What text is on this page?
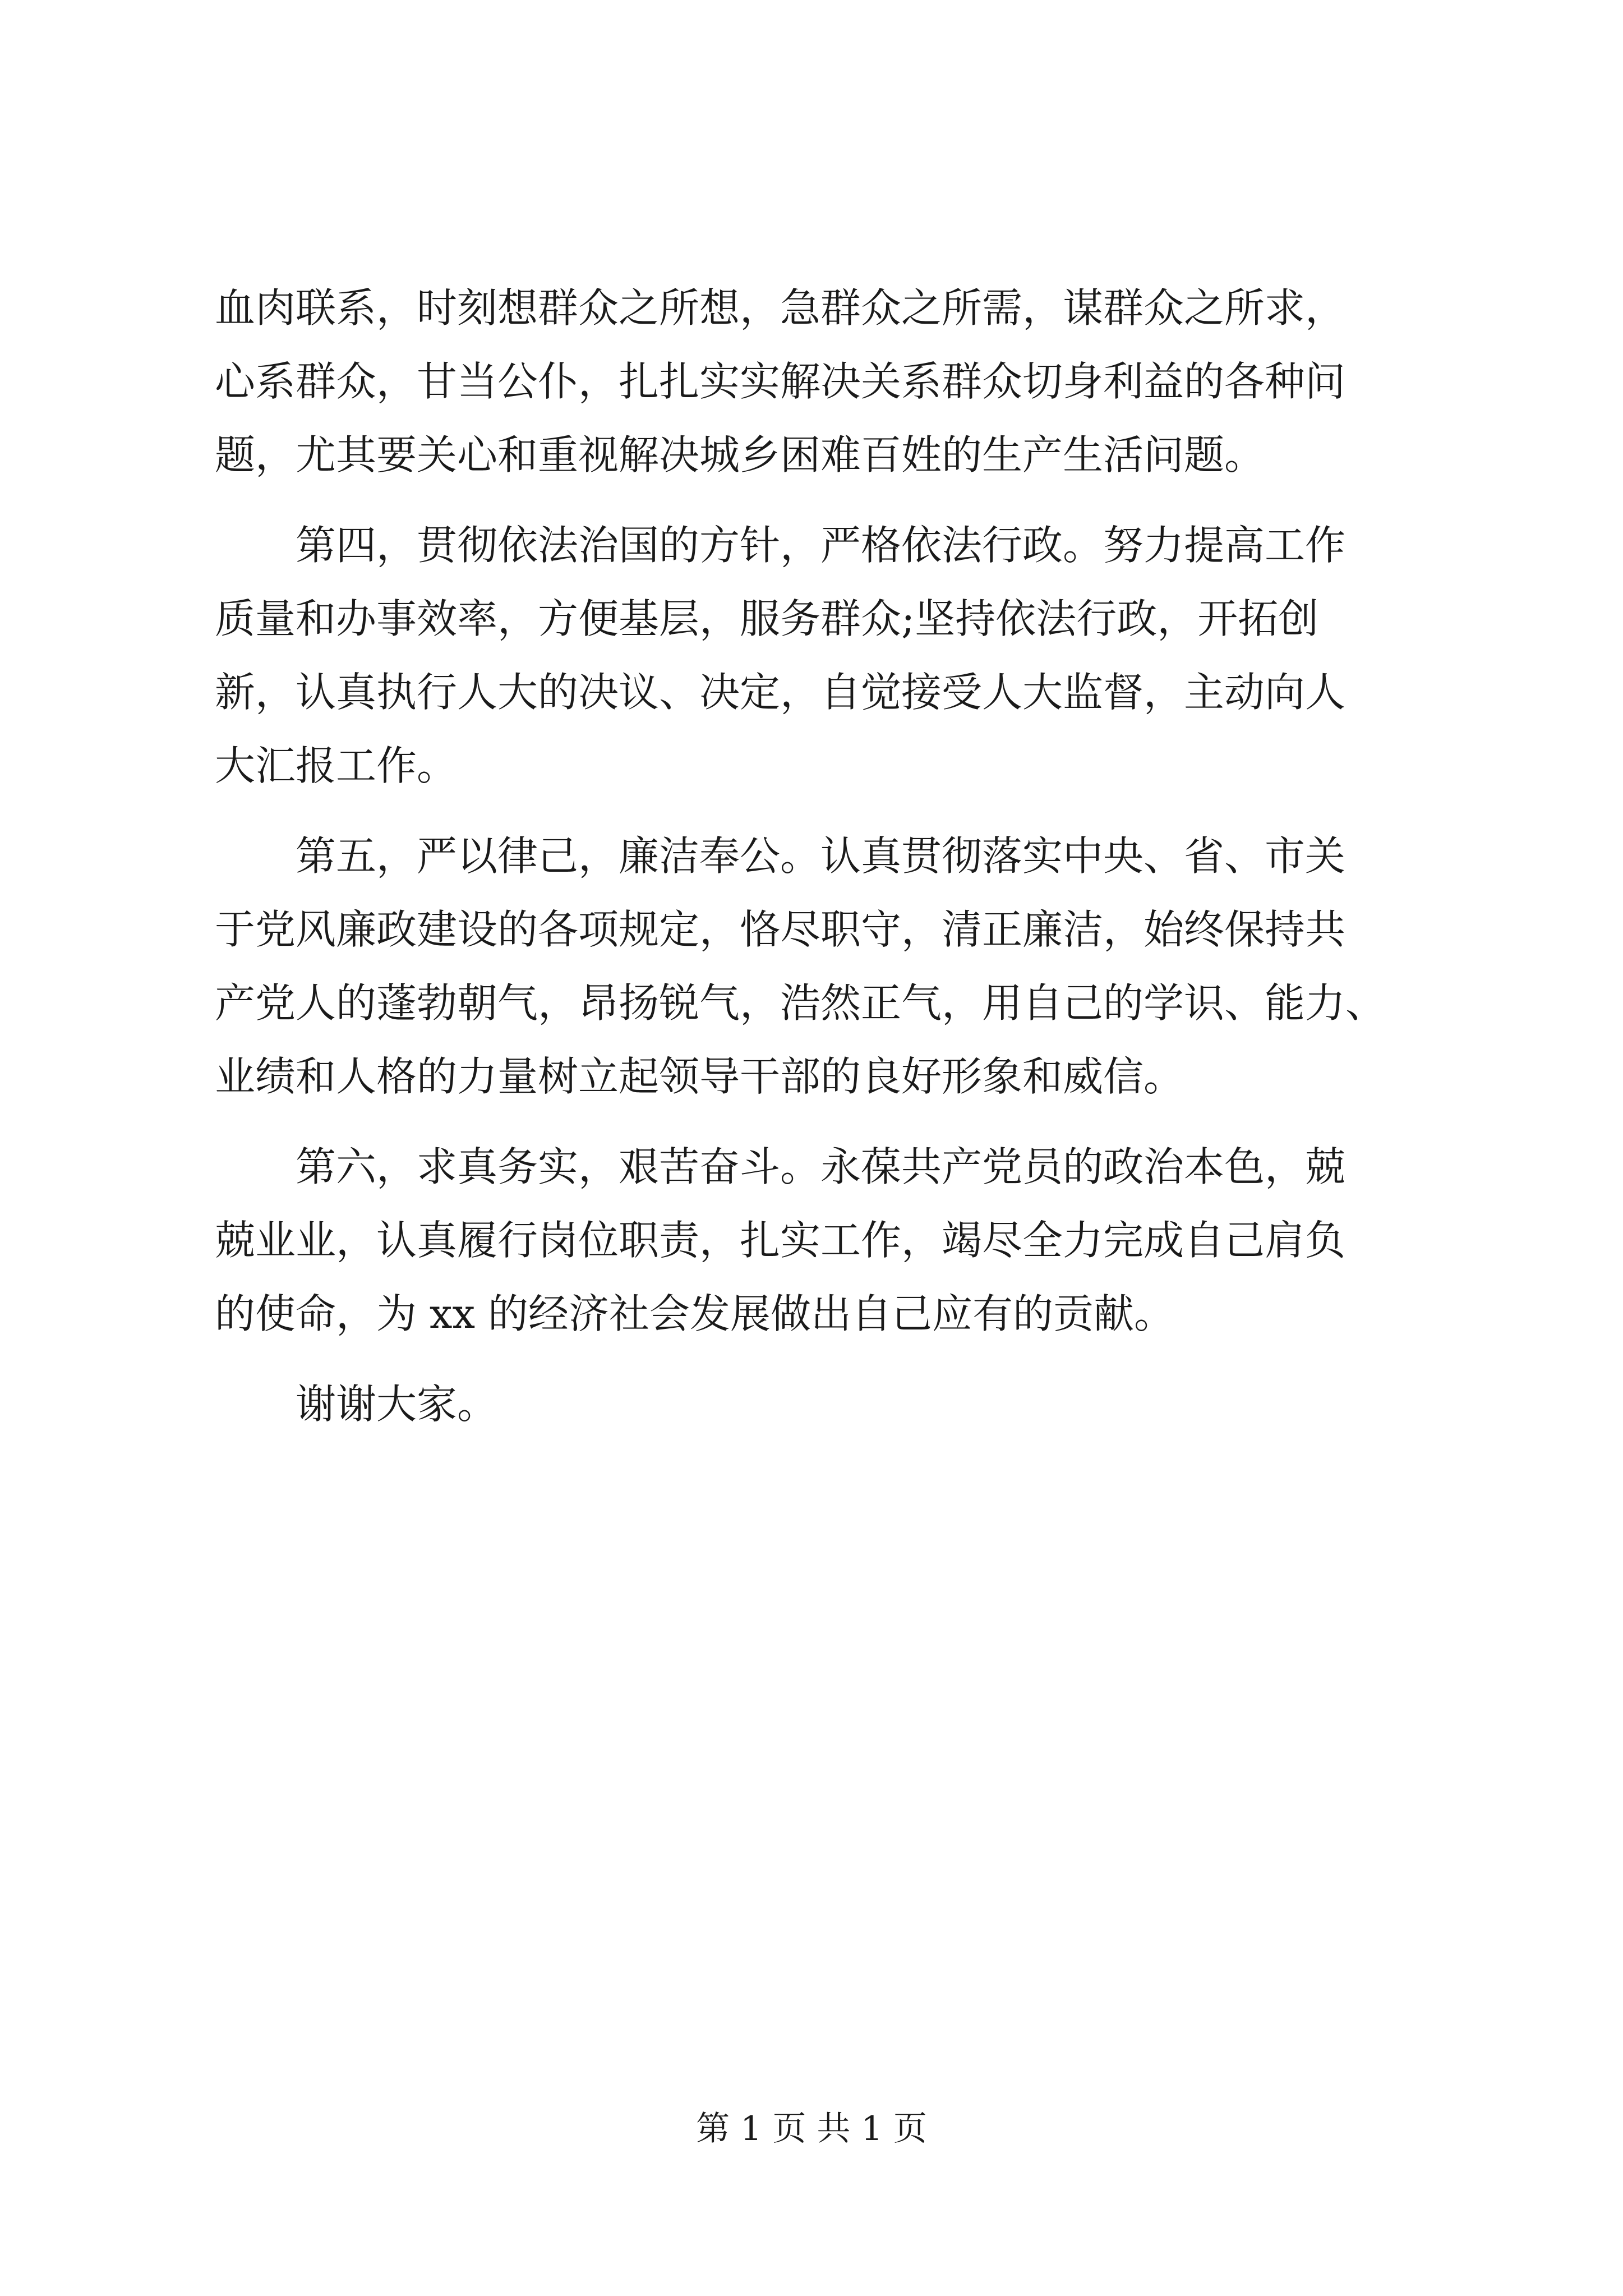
血肉联系，时刻想群众之所想，急群众之所需，谋群众之所求，
心系群众，甘当公仆，扎扎实实解决关系群众切身利益的各种问
题，尤其要关心和重视解决城乡困难百姓的生产生活问题。
　　第四，贯彻依法治国的方针，严格依法行政。努力提高工作
质量和办事效率，方便基层，服务群众;坚持依法行政，开拓创
新，认真执行人大的决议、决定，自觉接受人大监督，主动向人
大汇报工作。
　　第五，严以律己，廉洁奉公。认真贯彻落实中央、省、市关
于党风廉政建设的各项规定，恪尽职守，清正廉洁，始终保持共
产党人的蓬勃朝气，昂扬锐气，浩然正气，用自己的学识、能力、
业绩和人格的力量树立起领导干部的良好形象和威信。
　　第六，求真务实，艰苦奋斗。永葆共产党员的政治本色，兢
兢业业，认真履行岗位职责，扎实工作，竭尽全力完成自己肩负
的使命，为 xx 的经济社会发展做出自己应有的贡献。
　　谢谢大家。
第 1 页 共 1 页
